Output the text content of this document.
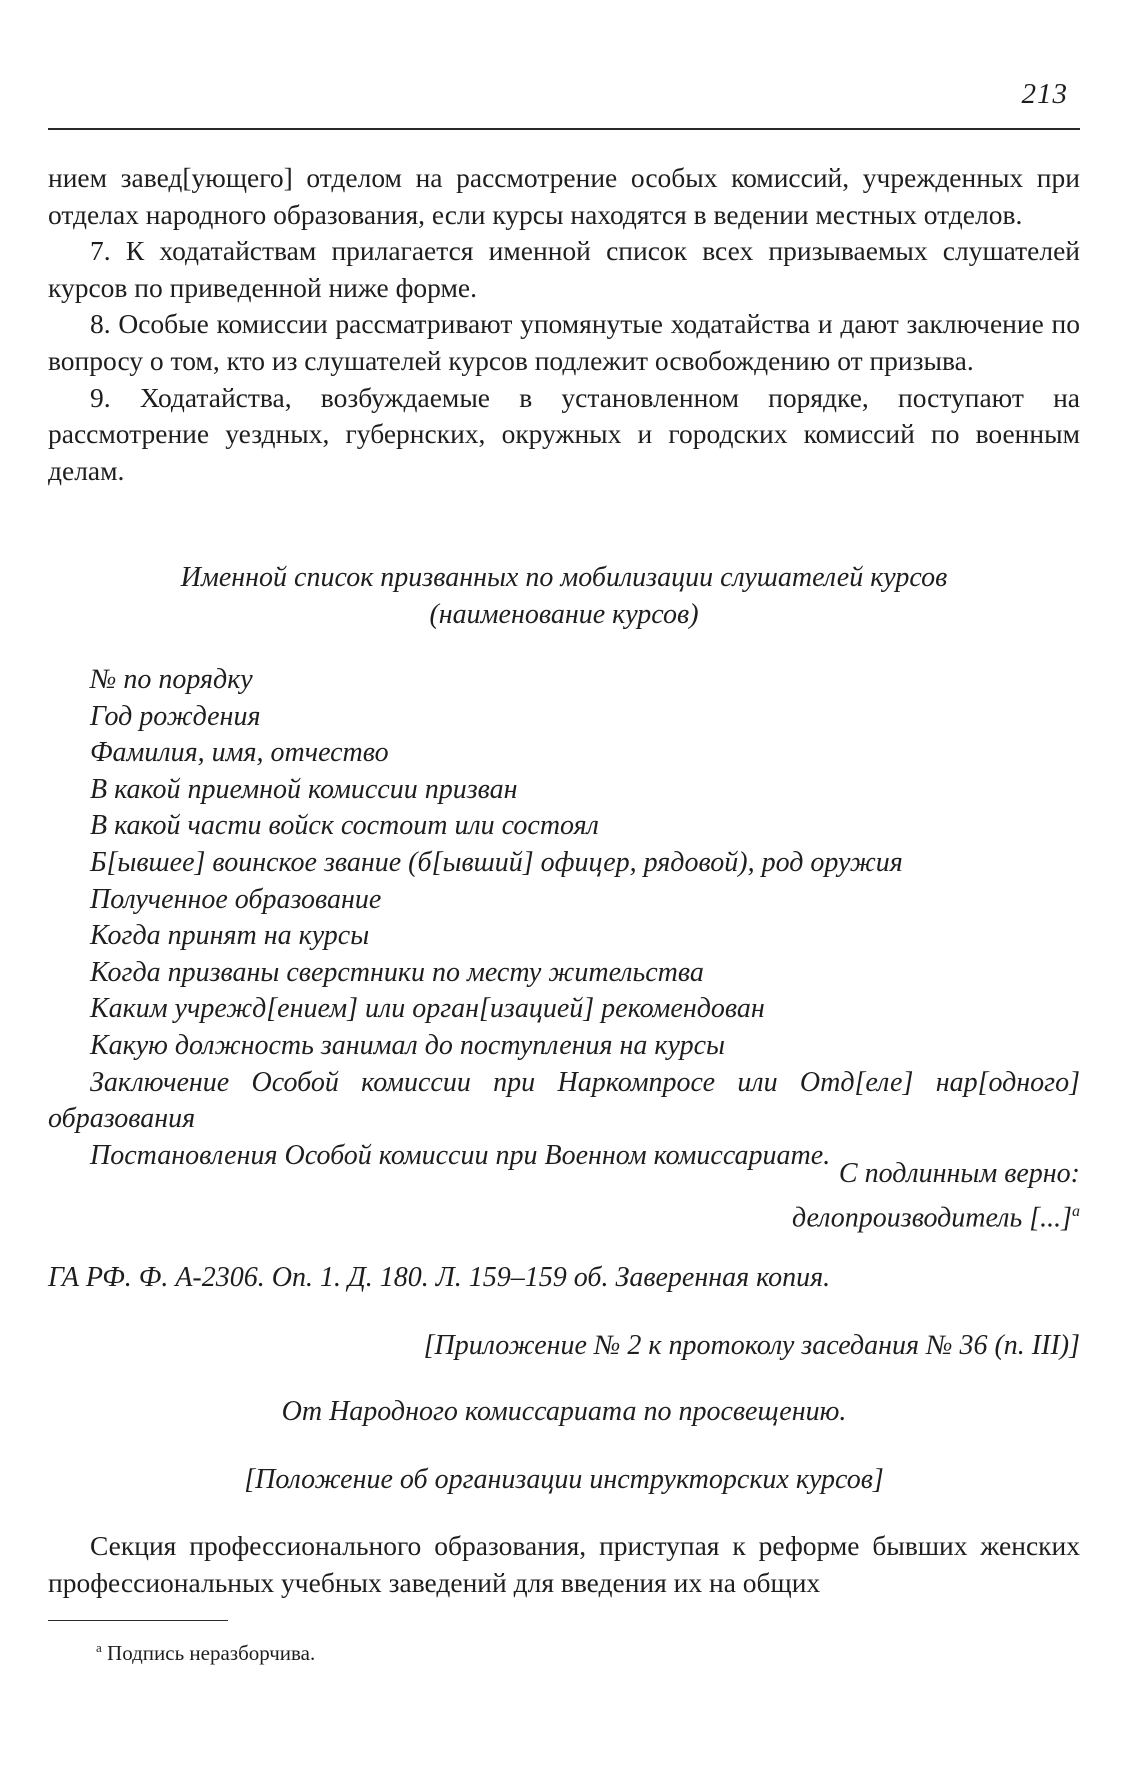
213

нием завед[ующего] отделом на рассмотрение особых комиссий, учрежденных при отделах народного образования, если курсы находятся в ведении местных отделов.

7. К ходатайствам прилагается именной список всех призываемых слушателей курсов по приведенной ниже форме.

8. Особые комиссии рассматривают упомянутые ходатайства и дают заключение по вопросу о том, кто из слушателей курсов подлежит освобождению от призыва.

9. Ходатайства, возбуждаемые в установленном порядке, поступают на рассмотрение уездных, губернских, окружных и городских комиссий по военным делам.

Именной список призванных по мобилизации слушателей курсов
(наименование курсов)
№ по порядку
Год рождения
Фамилия, имя, отчество
В какой приемной комиссии призван
В какой части войск состоит или состоял
Б[ывшее] воинское звание (б[ывший] офицер, рядовой), род оружия
Полученное образование
Когда принят на курсы
Когда призваны сверстники по месту жительства
Каким учрежд[ением] или орган[изацией] рекомендован
Какую должность занимал до поступления на курсы
Заключение Особой комиссии при Наркомпросе или Отд[еле] нар[одного] образования
Постановления Особой комиссии при Военном комиссариате.
С подлинным верно:
делопроизводитель [...]$^а$
ГА РФ. Ф. А-2306. Оп. 1. Д. 180. Л. 159–159 об. Заверенная копия.
[Приложение № 2 к протоколу заседания № 36 (п. III)]
От Народного комиссариата по просвещению.
[Положение об организации инструкторских курсов]
Секция профессионального образования, приступая к реформе бывших женских профессиональных учебных заведений для введения их на общих
$^а$ Подпись неразборчива.
